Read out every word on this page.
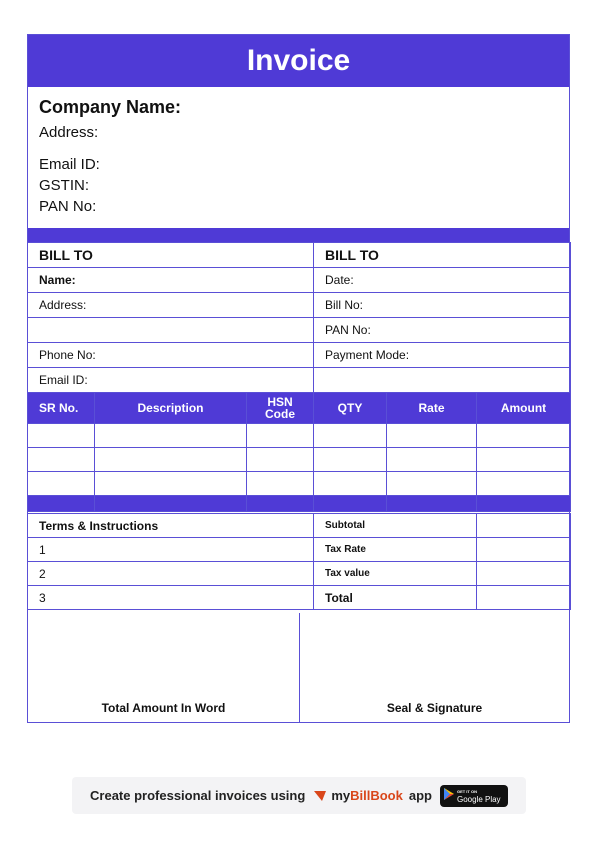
Invoice
Company Name:
Address:
Email ID:
GSTIN:
PAN No:
BILL TO	BILL TO
Name:	Date:
Address:	Bill No:
	PAN No:
Phone No:	Payment Mode:
Email ID:	
SR No.	Description	HSN Code	QTY	Rate	Amount

Terms & Instructions	Subtotal	
1	Tax Rate	
2	Tax value	
3	Total	
Total Amount In Word	Seal & Signature
Create professional invoices using myBillBook app	GET IT ON
Google Play
